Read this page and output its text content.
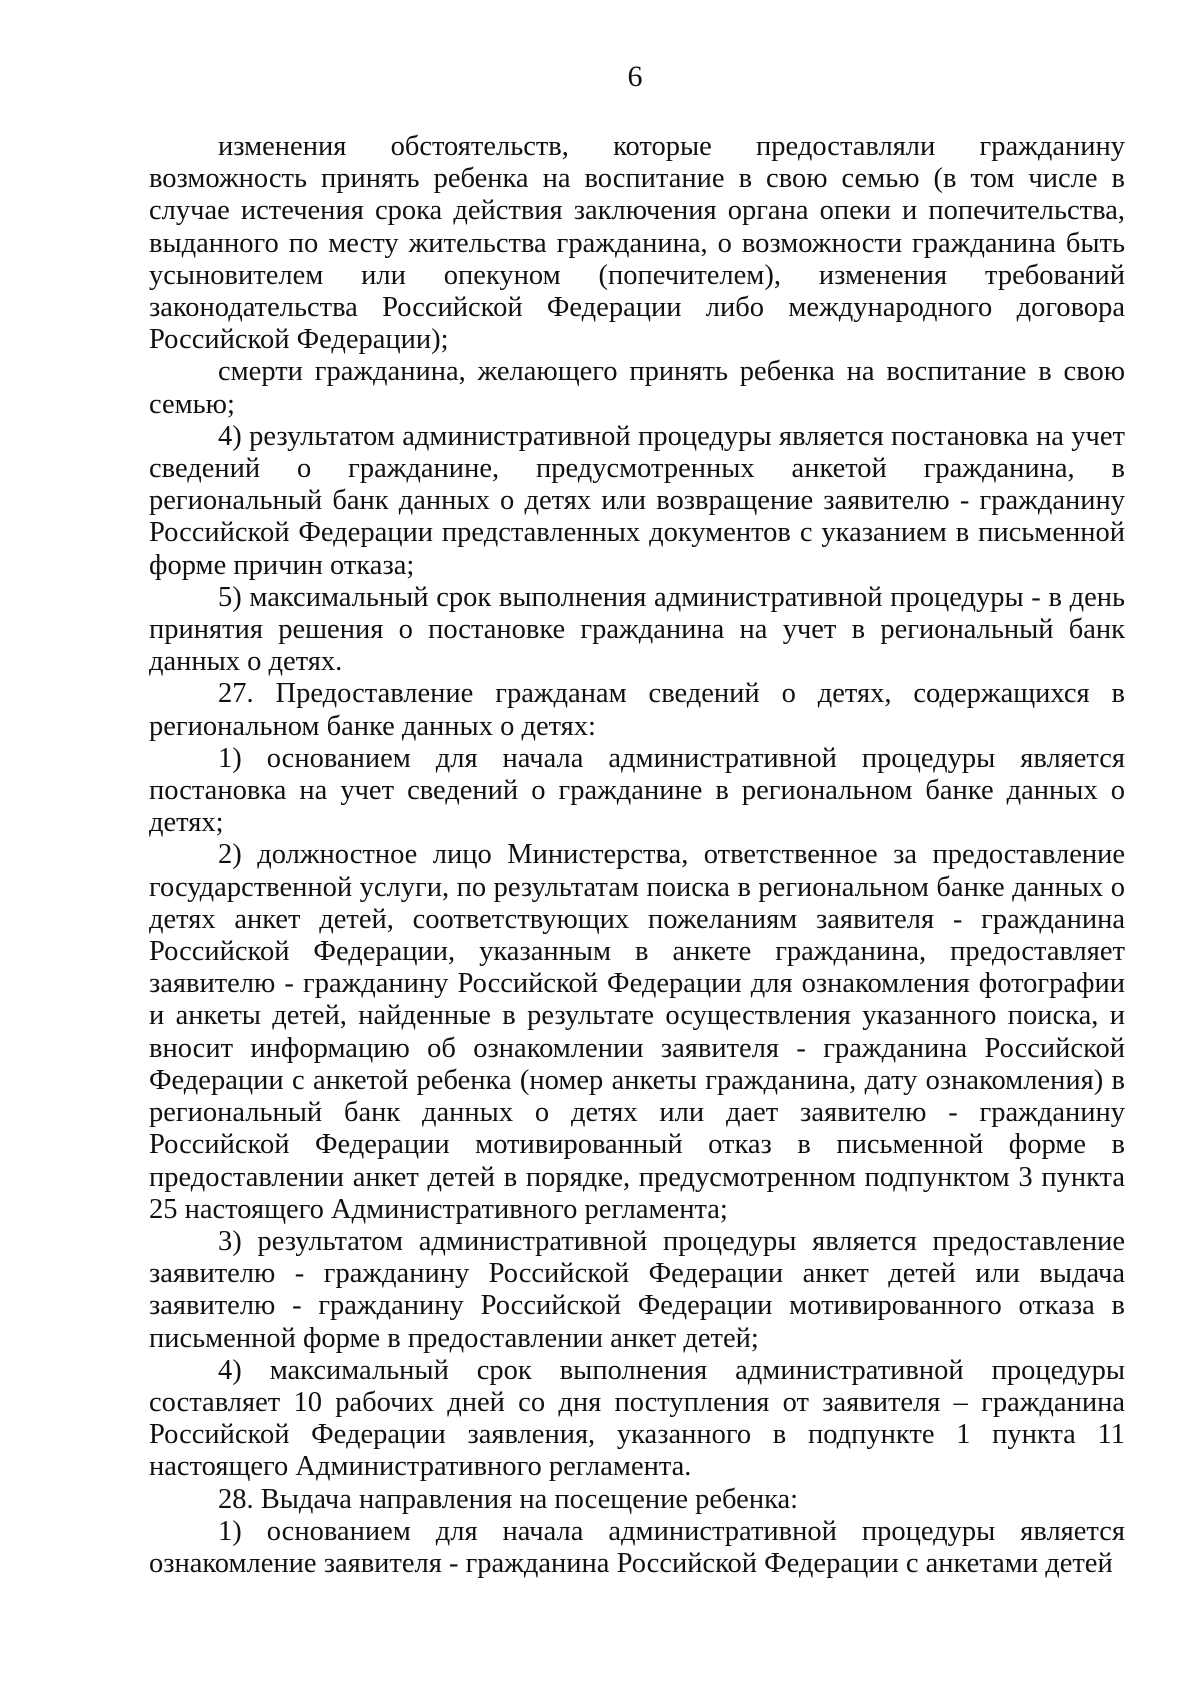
6

изменения обстоятельств, которые предоставляли гражданину возможность принять ребенка на воспитание в свою семью (в том числе в случае истечения срока действия заключения органа опеки и попечительства, выданного по месту жительства гражданина, о возможности гражданина быть усыновителем или опекуном (попечителем), изменения требований законодательства Российской Федерации либо международного договора Российской Федерации);

смерти гражданина, желающего принять ребенка на воспитание в свою семью;

4) результатом административной процедуры является постановка на учет сведений о гражданине, предусмотренных анкетой гражданина, в региональный банк данных о детях или возвращение заявителю - гражданину Российской Федерации представленных документов с указанием в письменной форме причин отказа;

5) максимальный срок выполнения административной процедуры - в день принятия решения о постановке гражданина на учет в региональный банк данных о детях.

27. Предоставление гражданам сведений о детях, содержащихся в региональном банке данных о детях:

1) основанием для начала административной процедуры является постановка на учет сведений о гражданине в региональном банке данных о детях;

2) должностное лицо Министерства, ответственное за предоставление государственной услуги, по результатам поиска в региональном банке данных о детях анкет детей, соответствующих пожеланиям заявителя - гражданина Российской Федерации, указанным в анкете гражданина, предоставляет заявителю - гражданину Российской Федерации для ознакомления фотографии и анкеты детей, найденные в результате осуществления указанного поиска, и вносит информацию об ознакомлении заявителя - гражданина Российской Федерации с анкетой ребенка (номер анкеты гражданина, дату ознакомления) в региональный банк данных о детях или дает заявителю - гражданину Российской Федерации мотивированный отказ в письменной форме в предоставлении анкет детей в порядке, предусмотренном подпунктом 3 пункта 25 настоящего Административного регламента;

3) результатом административной процедуры является предоставление заявителю - гражданину Российской Федерации анкет детей или выдача заявителю - гражданину Российской Федерации мотивированного отказа в письменной форме в предоставлении анкет детей;

4) максимальный срок выполнения административной процедуры составляет 10 рабочих дней со дня поступления от заявителя – гражданина Российской Федерации заявления, указанного в подпункте 1 пункта 11 настоящего Административного регламента.

28. Выдача направления на посещение ребенка:

1) основанием для начала административной процедуры является ознакомление заявителя - гражданина Российской Федерации с анкетами детей
